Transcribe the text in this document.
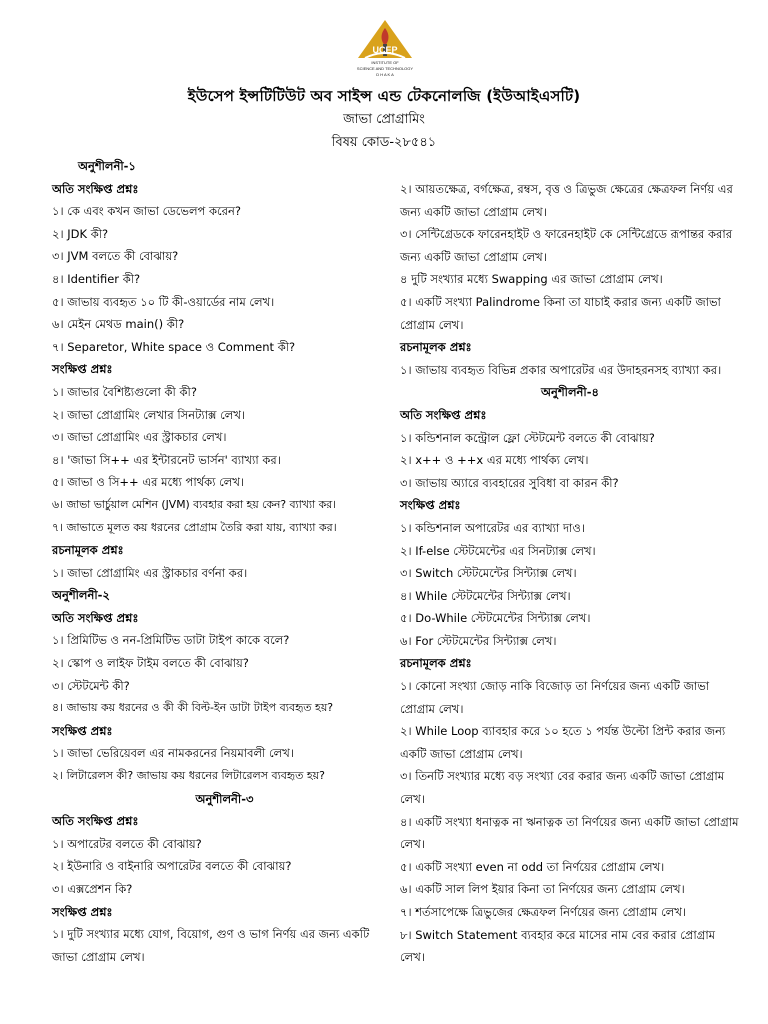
UCEP
INSTITUTE OF
SCIENCE AND TECHNOLOGY
D H A K A
ইউসেপ ইন্সটিটিউট অব সাইন্স এন্ড টেকনোলজি (ইউআইএসটি)
জাভা প্রোগ্রামিং
বিষয় কোড-২৮৫৪১
অনুশীলনী-১
অতি সংক্ষিপ্ত প্রশ্নঃ
১। কে এবং কখন জাভা ডেভেলপ করেন?
২। JDK কী?
৩। JVM বলতে কী বোঝায়?
৪। Identifier কী?
৫। জাভায় ব্যবহৃত ১০ টি কী-ওয়ার্ডের নাম লেখ।
৬। মেইন মেথড main() কী?
৭। Separetor, White space ও Comment কী?
সংক্ষিপ্ত প্রশ্নঃ
১। জাভার বৈশিষ্ট্যগুলো কী কী?
২। জাভা প্রোগ্রামিং লেখার সিনট্যাক্স লেখ।
৩। জাভা প্রোগ্রামিং এর স্ট্রাকচার লেখ।
৪। 'জাভা সি++ এর ইন্টারনেট ভার্সন' ব্যাখ্যা কর।
৫। জাভা ও সি++ এর মধ্যে পার্থক্য লেখ।
৬। জাভা ভার্চুয়াল মেশিন (JVM) ব্যবহার করা হয় কেন? ব্যাখ্যা কর।
৭। জাভাতে মূলত কয় ধরনের প্রোগ্রাম তৈরি করা যায়, ব্যাখ্যা কর।
রচনামূলক প্রশ্নঃ
১। জাভা প্রোগ্রামিং এর স্ট্রাকচার বর্ণনা কর।
অনুশীলনী-২
অতি সংক্ষিপ্ত প্রশ্নঃ
১। প্রিমিটিভ ও নন-প্রিমিটিভ ডাটা টাইপ কাকে বলে?
২। স্কোপ ও লাইফ টাইম বলতে কী বোঝায়?
৩। স্টেটমেন্ট কী?
৪। জাভায় কয় ধরনের ও কী কী বিল্ট-ইন ডাটা টাইপ ব্যবহৃত হয়?
সংক্ষিপ্ত প্রশ্নঃ
১। জাভা ভেরিয়েবল এর নামকরনের নিয়মাবলী লেখ।
২। লিটারেলস কী? জাভায় কয় ধরনের লিটারেলস ব্যবহৃত হয়?
অনুশীলনী-৩
অতি সংক্ষিপ্ত প্রশ্নঃ
১। অপারেটর বলতে কী বোঝায়?
২। ইউনারি ও বাইনারি অপারেটর বলতে কী বোঝায়?
৩। এক্সপ্রেশন কি?
সংক্ষিপ্ত প্রশ্নঃ
১। দুটি সংখ্যার মধ্যে যোগ, বিয়োগ, গুণ ও ভাগ নির্ণয় এর জন্য একটি জাভা প্রোগ্রাম লেখ।
২। আয়তক্ষেত্র, বর্গক্ষেত্র, রম্বস, বৃত্ত ও ত্রিভুজ ক্ষেত্রের ক্ষেত্রফল নির্ণয় এর জন্য একটি জাভা প্রোগ্রাম লেখ।
৩। সেন্টিগ্রেডকে ফারেনহাইট ও ফারেনহাইট কে সেন্টিগ্রেডে রূপান্তর করার জন্য একটি জাভা প্রোগ্রাম লেখ।
৪ দুটি সংখ্যার মধ্যে Swapping এর জাভা প্রোগ্রাম লেখ।
৫। একটি সংখ্যা Palindrome কিনা তা যাচাই করার জন্য একটি জাভা প্রোগ্রাম লেখ।
রচনামূলক প্রশ্নঃ
১। জাভায় ব্যবহৃত বিভিন্ন প্রকার অপারেটর এর উদাহরনসহ ব্যাখ্যা কর।
অনুশীলনী-৪
অতি সংক্ষিপ্ত প্রশ্নঃ
১। কন্ডিশনাল কন্ট্রোল ফ্লো স্টেটমেন্ট বলতে কী বোঝায়?
২। x++ ও ++x এর মধ্যে পার্থক্য লেখ।
৩। জাভায় অ্যারে ব্যবহারের সুবিধা বা কারন কী?
সংক্ষিপ্ত প্রশ্নঃ
১। কন্ডিশনাল অপারেটর এর ব্যাখ্যা দাও।
২। If-else স্টেটমেন্টের এর সিনট্যাক্স লেখ।
৩। Switch স্টেটমেন্টের সিন্ট্যাক্স লেখ।
৪। While স্টেটমেন্টের সিন্ট্যাক্স লেখ।
৫। Do-While স্টেটমেন্টের সিন্ট্যাক্স লেখ।
৬। For স্টেটমেন্টের সিন্ট্যাক্স লেখ।
রচনামূলক প্রশ্নঃ
১। কোনো সংখ্যা জোড় নাকি বিজোড় তা নির্ণয়ের জন্য একটি জাভা প্রোগ্রাম লেখ।
২। While Loop ব্যাবহার করে ১০ হতে ১ পর্যন্ত উল্টো প্রিন্ট করার জন্য একটি জাভা প্রোগ্রাম লেখ।
৩। তিনটি সংখ্যার মধ্যে বড় সংখ্যা বের করার জন্য একটি জাভা প্রোগ্রাম লেখ।
৪। একটি সংখ্যা ধনাত্নক না ঋনাত্নক তা নির্ণয়ের জন্য একটি জাভা প্রোগ্রাম লেখ।
৫। একটি সংখ্যা even না odd তা নির্ণয়ের প্রোগ্রাম লেখ।
৬। একটি সাল লিপ ইয়ার কিনা তা নির্ণয়ের জন্য প্রোগ্রাম লেখ।
৭। শর্তসাপেক্ষে ত্রিভুজের ক্ষেত্রফল নির্ণয়ের জন্য প্রোগ্রাম লেখ।
৮। Switch Statement ব্যবহার করে মাসের নাম বের করার প্রোগ্রাম লেখ।
